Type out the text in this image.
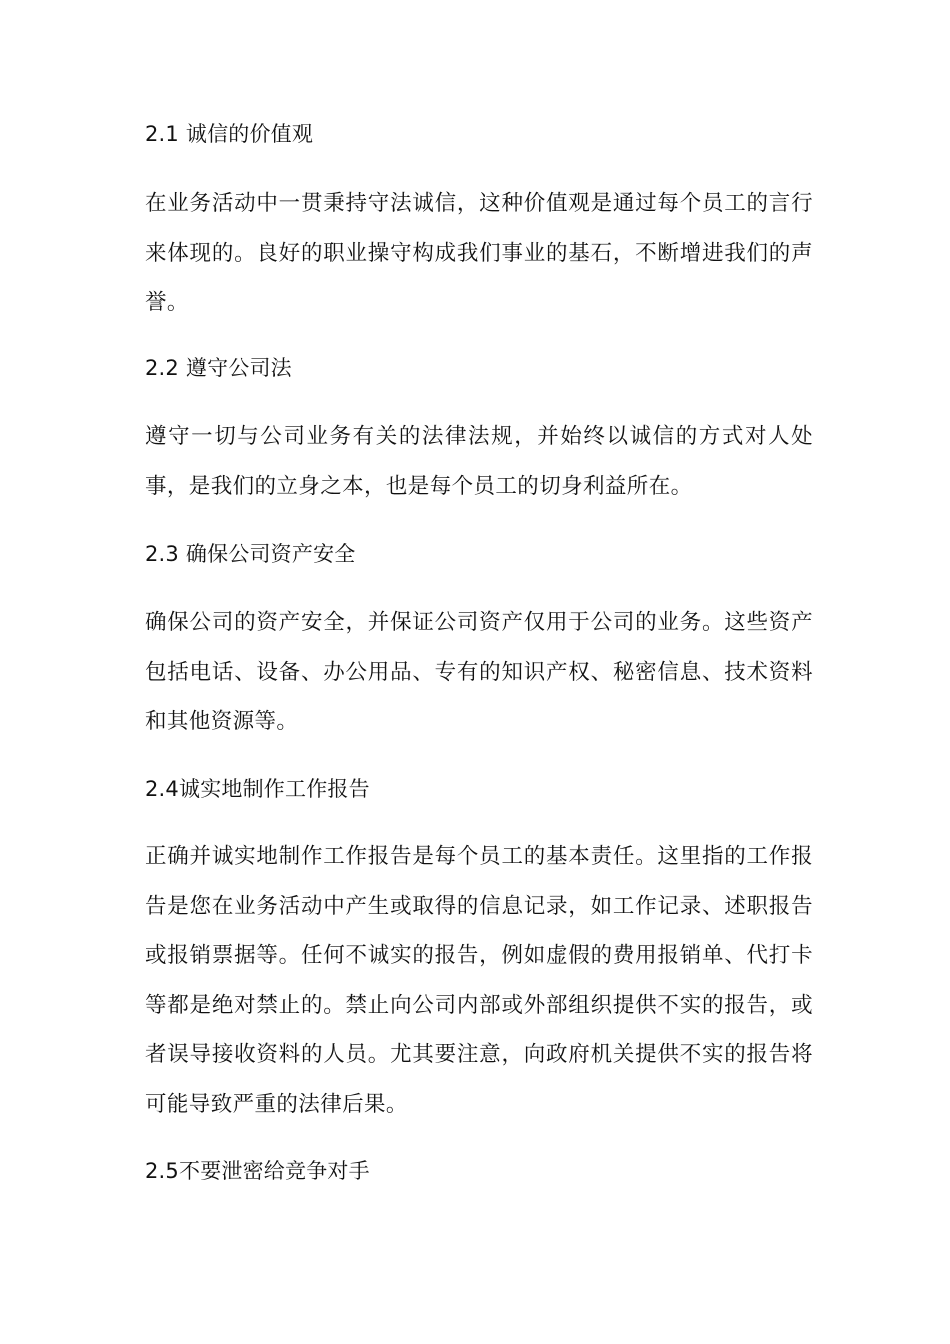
2.1 诚信的价值观
在业务活动中一贯秉持守法诚信，这种价值观是通过每个员工的言行
来体现的。良好的职业操守构成我们事业的基石，不断增进我们的声
誉。
2.2 遵守公司法
遵守一切与公司业务有关的法律法规，并始终以诚信的方式对人处
事，是我们的立身之本，也是每个员工的切身利益所在。
2.3 确保公司资产安全
确保公司的资产安全，并保证公司资产仅用于公司的业务。这些资产
包括电话、设备、办公用品、专有的知识产权、秘密信息、技术资料
和其他资源等。
2.4诚实地制作工作报告
正确并诚实地制作工作报告是每个员工的基本责任。这里指的工作报
告是您在业务活动中产生或取得的信息记录，如工作记录、述职报告
或报销票据等。任何不诚实的报告，例如虚假的费用报销单、代打卡
等都是绝对禁止的。禁止向公司内部或外部组织提供不实的报告，或
者误导接收资料的人员。尤其要注意，向政府机关提供不实的报告将
可能导致严重的法律后果。
2.5不要泄密给竞争对手
